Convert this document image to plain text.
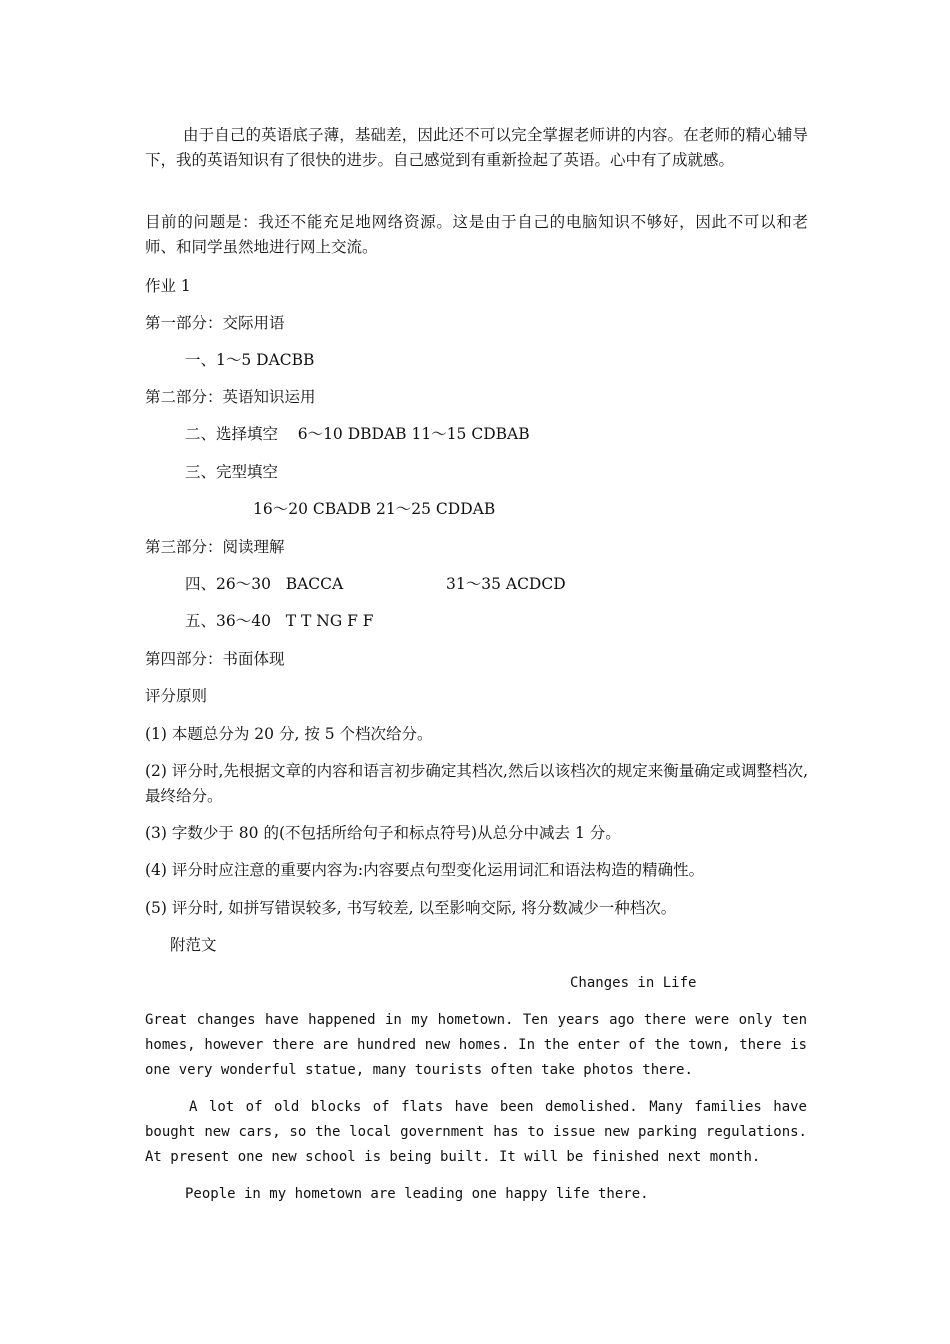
由于自己的英语底子薄，基础差，因此还不可以完全掌握老师讲的内容。在老师的精心辅导下，我的英语知识有了很快的进步。自己感觉到有重新捡起了英语。心中有了成就感。
目前的问题是：我还不能充足地网络资源。这是由于自己的电脑知识不够好，因此不可以和老师、和同学虽然地进行网上交流。
作业 1
第一部分：交际用语
一、1～5 DACBB
第二部分：英语知识运用
二、选择填空    6～10 DBDAB 11～15 CDBAB
三、完型填空
16～20 CBADB 21～25 CDDAB
第三部分：阅读理解
四、26～30   BACCA	31～35 ACDCD
五、36～40   T T NG F F
第四部分：书面体现
评分原则
(1) 本题总分为 20 分, 按 5 个档次给分。
(2) 评分时,先根据文章的内容和语言初步确定其档次,然后以该档次的规定来衡量确定或调整档次, 最终给分。
(3) 字数少于 80 的(不包括所给句子和标点符号)从总分中减去 1 分。
(4) 评分时应注意的重要内容为:内容要点句型变化运用词汇和语法构造的精确性。
(5) 评分时, 如拼写错误较多, 书写较差, 以至影响交际, 将分数减少一种档次。
附范文
Changes in Life
Great changes have happened in my hometown. Ten years ago there were only ten homes, however there are hundred new homes. In the enter of the town, there is one very wonderful statue, many tourists often take photos there.
A lot of old blocks of flats have been demolished. Many families have bought new cars, so the local government has to issue new parking regulations. At present one new school is being built. It will be finished next month.
People in my hometown are leading one happy life there.
